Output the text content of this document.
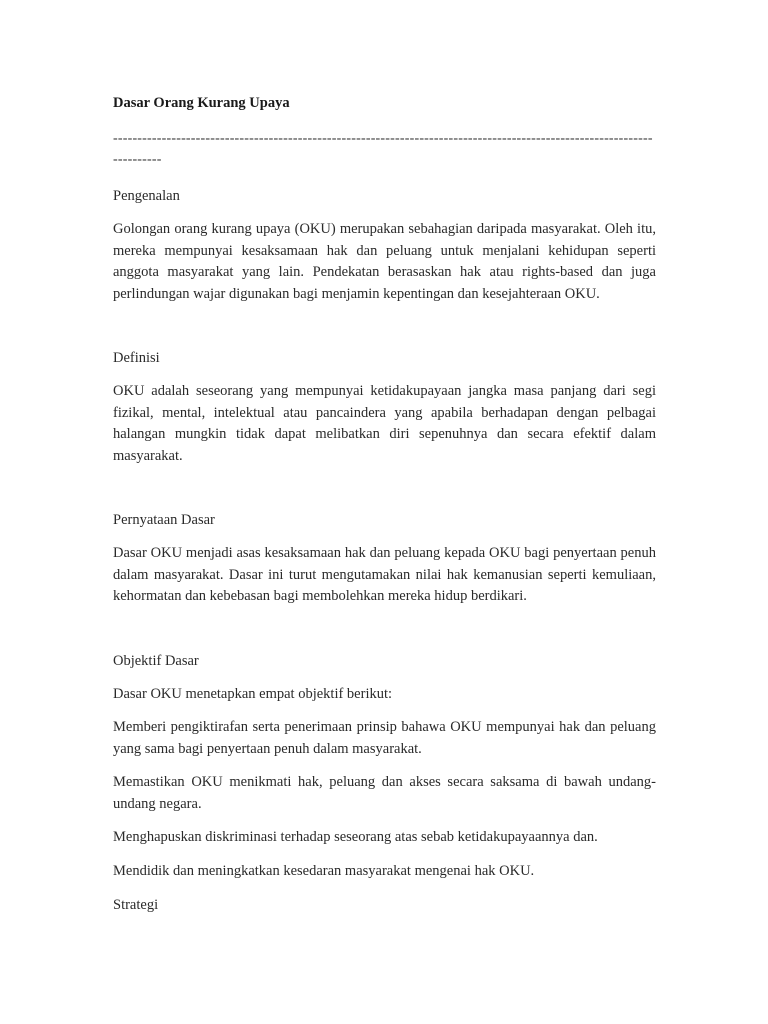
Dasar Orang Kurang Upaya

-------------------------------------------------------------------------------------------------------------------------

Pengenalan

Golongan orang kurang upaya (OKU) merupakan sebahagian daripada masyarakat. Oleh itu, mereka mempunyai kesaksamaan hak dan peluang untuk menjalani kehidupan seperti anggota masyarakat yang lain. Pendekatan berasaskan hak atau rights-based dan juga perlindungan wajar digunakan bagi menjamin kepentingan dan kesejahteraan OKU.

Definisi

OKU adalah seseorang yang mempunyai ketidakupayaan jangka masa panjang dari segi fizikal, mental, intelektual atau pancaindera yang apabila berhadapan dengan pelbagai halangan mungkin tidak dapat melibatkan diri sepenuhnya dan secara efektif dalam masyarakat.

Pernyataan Dasar

Dasar OKU menjadi asas kesaksamaan hak dan peluang kepada OKU bagi penyertaan penuh dalam masyarakat. Dasar ini turut mengutamakan nilai hak kemanusian seperti kemuliaan, kehormatan dan kebebasan bagi membolehkan mereka hidup berdikari.

Objektif Dasar

Dasar OKU menetapkan empat objektif berikut:

Memberi pengiktirafan serta penerimaan prinsip bahawa OKU mempunyai hak dan peluang yang sama bagi penyertaan penuh dalam masyarakat.

Memastikan OKU menikmati hak, peluang dan akses secara saksama di bawah undang-undang negara.

Menghapuskan diskriminasi terhadap seseorang atas sebab ketidakupayaannya dan.

Mendidik dan meningkatkan kesedaran masyarakat mengenai hak OKU.

Strategi
